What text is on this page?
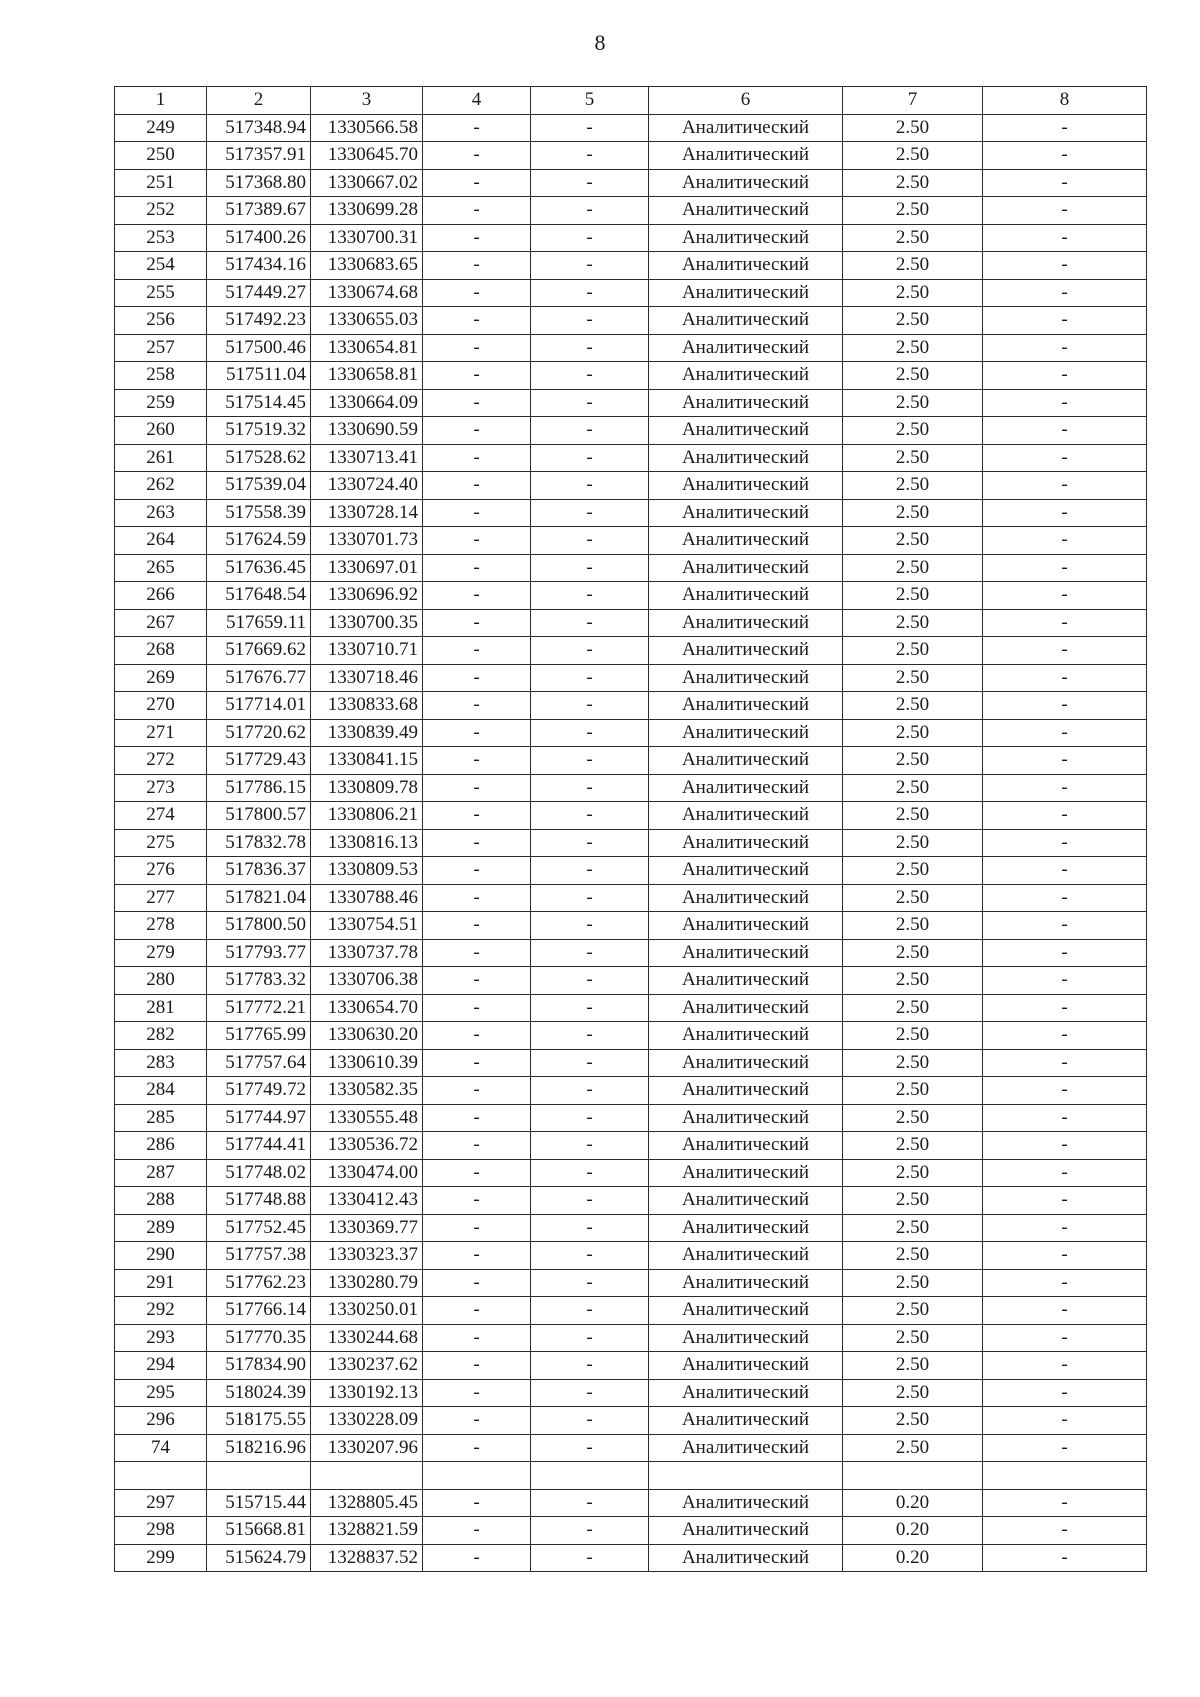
8
1	2	3	4	5	6	7	8
249	517348.94	1330566.58	-	-	Аналитический	2.50	-
250	517357.91	1330645.70	-	-	Аналитический	2.50	-
251	517368.80	1330667.02	-	-	Аналитический	2.50	-
252	517389.67	1330699.28	-	-	Аналитический	2.50	-
253	517400.26	1330700.31	-	-	Аналитический	2.50	-
254	517434.16	1330683.65	-	-	Аналитический	2.50	-
255	517449.27	1330674.68	-	-	Аналитический	2.50	-
256	517492.23	1330655.03	-	-	Аналитический	2.50	-
257	517500.46	1330654.81	-	-	Аналитический	2.50	-
258	517511.04	1330658.81	-	-	Аналитический	2.50	-
259	517514.45	1330664.09	-	-	Аналитический	2.50	-
260	517519.32	1330690.59	-	-	Аналитический	2.50	-
261	517528.62	1330713.41	-	-	Аналитический	2.50	-
262	517539.04	1330724.40	-	-	Аналитический	2.50	-
263	517558.39	1330728.14	-	-	Аналитический	2.50	-
264	517624.59	1330701.73	-	-	Аналитический	2.50	-
265	517636.45	1330697.01	-	-	Аналитический	2.50	-
266	517648.54	1330696.92	-	-	Аналитический	2.50	-
267	517659.11	1330700.35	-	-	Аналитический	2.50	-
268	517669.62	1330710.71	-	-	Аналитический	2.50	-
269	517676.77	1330718.46	-	-	Аналитический	2.50	-
270	517714.01	1330833.68	-	-	Аналитический	2.50	-
271	517720.62	1330839.49	-	-	Аналитический	2.50	-
272	517729.43	1330841.15	-	-	Аналитический	2.50	-
273	517786.15	1330809.78	-	-	Аналитический	2.50	-
274	517800.57	1330806.21	-	-	Аналитический	2.50	-
275	517832.78	1330816.13	-	-	Аналитический	2.50	-
276	517836.37	1330809.53	-	-	Аналитический	2.50	-
277	517821.04	1330788.46	-	-	Аналитический	2.50	-
278	517800.50	1330754.51	-	-	Аналитический	2.50	-
279	517793.77	1330737.78	-	-	Аналитический	2.50	-
280	517783.32	1330706.38	-	-	Аналитический	2.50	-
281	517772.21	1330654.70	-	-	Аналитический	2.50	-
282	517765.99	1330630.20	-	-	Аналитический	2.50	-
283	517757.64	1330610.39	-	-	Аналитический	2.50	-
284	517749.72	1330582.35	-	-	Аналитический	2.50	-
285	517744.97	1330555.48	-	-	Аналитический	2.50	-
286	517744.41	1330536.72	-	-	Аналитический	2.50	-
287	517748.02	1330474.00	-	-	Аналитический	2.50	-
288	517748.88	1330412.43	-	-	Аналитический	2.50	-
289	517752.45	1330369.77	-	-	Аналитический	2.50	-
290	517757.38	1330323.37	-	-	Аналитический	2.50	-
291	517762.23	1330280.79	-	-	Аналитический	2.50	-
292	517766.14	1330250.01	-	-	Аналитический	2.50	-
293	517770.35	1330244.68	-	-	Аналитический	2.50	-
294	517834.90	1330237.62	-	-	Аналитический	2.50	-
295	518024.39	1330192.13	-	-	Аналитический	2.50	-
296	518175.55	1330228.09	-	-	Аналитический	2.50	-
74	518216.96	1330207.96	-	-	Аналитический	2.50	-

297	515715.44	1328805.45	-	-	Аналитический	0.20	-
298	515668.81	1328821.59	-	-	Аналитический	0.20	-
299	515624.79	1328837.52	-	-	Аналитический	0.20	-
